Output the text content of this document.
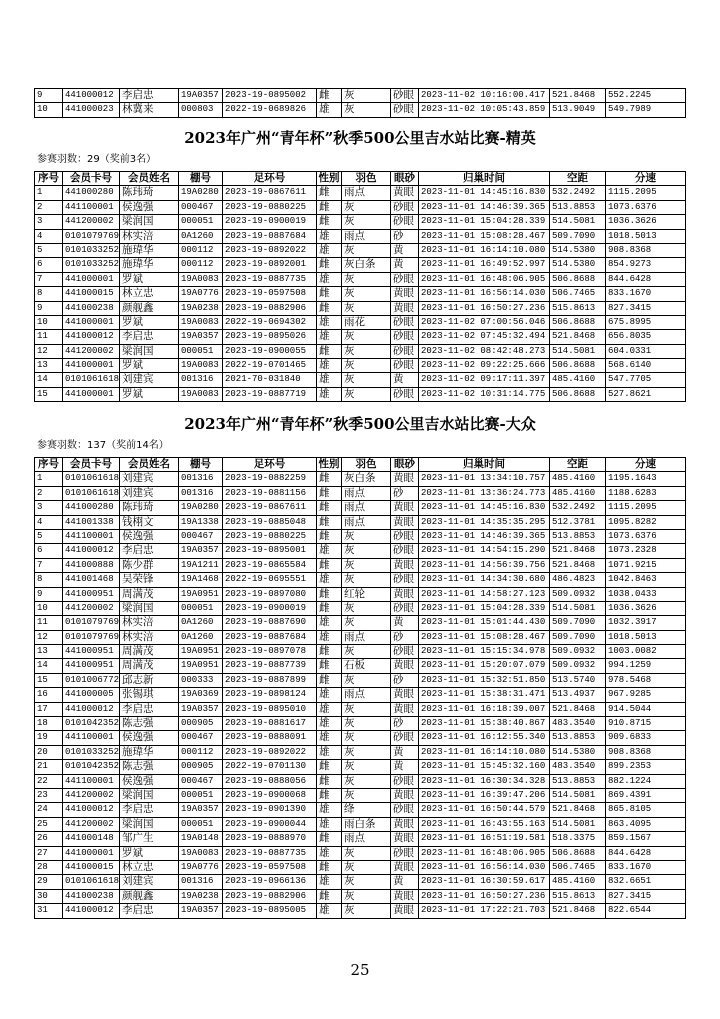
9	441000012 李启忠	19A0357 2023-19-0895002	雌	灰	砂眼 2023-11-02 10:16:00.417 521.8468	552.2245
10	441000023 林冀来	000803	2022-19-0689826	雄	灰	砂眼 2023-11-02 10:05:43.859 513.9049	549.7989
2023年广州“青年杯”秋季500公里吉水站比赛-精英
参赛羽数：29（奖前3名）
序号	会员卡号	会员姓名	棚号	足环号	性别	羽色	眼砂	归巢时间	空距	分速
1	441000280 陈玮琦	19A0280 2023-19-0867611	雌	雨点	黄眼 2023-11-01 14:45:16.830 532.2492	1115.2095
2	441100001 侯逸强	000467	2023-19-0880225	雌	灰	砂眼 2023-11-01 14:46:39.365 513.8853	1073.6376
3	441200002 梁润国	000051	2023-19-0900019	雌	灰	砂眼 2023-11-01 15:04:28.339 514.5081	1036.3626
4	0101079769 林实涪	0A1260	2023-19-0887684	雄	雨点	砂	2023-11-01 15:08:28.467 509.7090	1018.5013
5	0101033252 施瑋华	000112	2023-19-0892022	雄	灰	黄	2023-11-01 16:14:10.080 514.5380	908.8368
6	0101033252 施瑋华	000112	2023-19-0892001	雌	灰白条	黄	2023-11-01 16:49:52.997 514.5380	854.9273
7	441000001 罗斌	19A0083 2023-19-0887735	雄	灰	砂眼 2023-11-01 16:48:06.905 506.8688	844.6428
8	441000015 林立忠	19A0776 2023-19-0597508	雌	灰	黄眼 2023-11-01 16:56:14.030 506.7465	833.1670
9	441000238 颜舰鑫	19A0238 2023-19-0882906	雌	灰	黄眼 2023-11-01 16:50:27.236 515.8613	827.3415
10	441000001 罗斌	19A0083 2022-19-0694302	雄	雨花	砂眼 2023-11-02 07:00:56.046 506.8688	675.8995
11	441000012 李启忠	19A0357 2023-19-0895026	雄	灰	砂眼 2023-11-02 07:45:32.494 521.8468	656.8035
12	441200002 梁润国	000051	2023-19-0900055	雌	灰	砂眼 2023-11-02 08:42:48.273 514.5081	604.0331
13	441000001 罗斌	19A0083 2022-19-0701465	雄	灰	砂眼 2023-11-02 09:22:25.666 506.8688	568.6140
14	0101061618 刘建宾	001316	2021-70-031840	雄	灰	黄	2023-11-02 09:17:11.397 485.4160	547.7705
15	441000001 罗斌	19A0083 2023-19-0887719	雄	灰	砂眼 2023-11-02 10:31:14.775 506.8688	527.8621
2023年广州“青年杯”秋季500公里吉水站比赛-大众
参赛羽数：137（奖前14名）
序号	会员卡号	会员姓名	棚号	足环号	性别	羽色	眼砂	归巢时间	空距	分速
1	0101061618 刘建宾	001316	2023-19-0882259	雌	灰白条	黄眼 2023-11-01 13:34:10.757 485.4160	1195.1643
2	0101061618 刘建宾	001316	2023-19-0881156	雌	雨点	砂	2023-11-01 13:36:24.773 485.4160	1188.6283
3	441000280 陈玮琦	19A0280 2023-19-0867611	雌	雨点	黄眼 2023-11-01 14:45:16.830 532.2492	1115.2095
4	441001338 钱栩文	19A1338 2023-19-0885048	雌	雨点	黄眼 2023-11-01 14:35:35.295 512.3781	1095.8282
5	441100001 侯逸强	000467	2023-19-0880225	雌	灰	砂眼 2023-11-01 14:46:39.365 513.8853	1073.6376
6	441000012 李启忠	19A0357 2023-19-0895001	雄	灰	砂眼 2023-11-01 14:54:15.290 521.8468	1073.2328
7	441000888 陈少群	19A1211 2023-19-0865584	雌	灰	黄眼 2023-11-01 14:56:39.756 521.8468	1071.9215
8	441001468 吴荣锋	19A1468 2022-19-0695551	雄	灰	砂眼 2023-11-01 14:34:30.680 486.4823	1042.8463
9	441000951 周满茂	19A0951 2023-19-0897080	雌	红轮	黄眼 2023-11-01 14:58:27.123 509.0932	1038.0433
10	441200002 梁润国	000051	2023-19-0900019	雌	灰	砂眼 2023-11-01 15:04:28.339 514.5081	1036.3626
11	0101079769 林实涪	0A1260	2023-19-0887690	雄	灰	黄	2023-11-01 15:01:44.430 509.7090	1032.3917
12	0101079769 林实涪	0A1260	2023-19-0887684	雄	雨点	砂	2023-11-01 15:08:28.467 509.7090	1018.5013
13	441000951 周满茂	19A0951 2023-19-0897078	雌	灰	砂眼 2023-11-01 15:15:34.978 509.0932	1003.0082
14	441000951 周满茂	19A0951 2023-19-0887739	雌	石板	黄眼 2023-11-01 15:20:07.079 509.0932	994.1259
15	0101006772 邱志新	000333	2023-19-0887899	雌	灰	砂	2023-11-01 15:32:51.850 513.5740	978.5468
16	441000005 张锡琪	19A0369 2023-19-0898124	雄	雨点	黄眼 2023-11-01 15:38:31.471 513.4937	967.9285
17	441000012 李启忠	19A0357 2023-19-0895010	雄	灰	黄眼 2023-11-01 16:18:39.007 521.8468	914.5044
18	0101042352 陈志强	000905	2023-19-0881617	雄	灰	砂	2023-11-01 15:38:40.867 483.3540	910.8715
19	441100001 侯逸强	000467	2023-19-0888091	雄	灰	砂眼 2023-11-01 16:12:55.340 513.8853	909.6833
20	0101033252 施瑋华	000112	2023-19-0892022	雄	灰	黄	2023-11-01 16:14:10.080 514.5380	908.8368
21	0101042352 陈志强	000905	2022-19-0701130	雌	灰	黄	2023-11-01 15:45:32.160 483.3540	899.2353
22	441100001 侯逸强	000467	2023-19-0888056	雌	灰	砂眼 2023-11-01 16:30:34.328 513.8853	882.1224
23	441200002 梁润国	000051	2023-19-0900068	雌	灰	黄眼 2023-11-01 16:39:47.206 514.5081	869.4391
24	441000012 李启忠	19A0357 2023-19-0901390	雄	绛	砂眼 2023-11-01 16:50:44.579 521.8468	865.8105
25	441200002 梁润国	000051	2023-19-0900044	雄	雨白条	黄眼 2023-11-01 16:43:55.163 514.5081	863.4095
26	441000148 邹广生	19A0148 2023-19-0888970	雌	雨点	黄眼 2023-11-01 16:51:19.581 518.3375	859.1567
27	441000001 罗斌	19A0083 2023-19-0887735	雄	灰	砂眼 2023-11-01 16:48:06.905 506.8688	844.6428
28	441000015 林立忠	19A0776 2023-19-0597508	雌	灰	黄眼 2023-11-01 16:56:14.030 506.7465	833.1670
29	0101061618 刘建宾	001316	2023-19-0966136	雄	灰	黄	2023-11-01 16:30:59.617 485.4160	832.6651
30	441000238 颜舰鑫	19A0238 2023-19-0882906	雌	灰	黄眼 2023-11-01 16:50:27.236 515.8613	827.3415
31	441000012 李启忠	19A0357 2023-19-0895005	雄	灰	黄眼 2023-11-01 17:22:21.703 521.8468	822.6544
25
